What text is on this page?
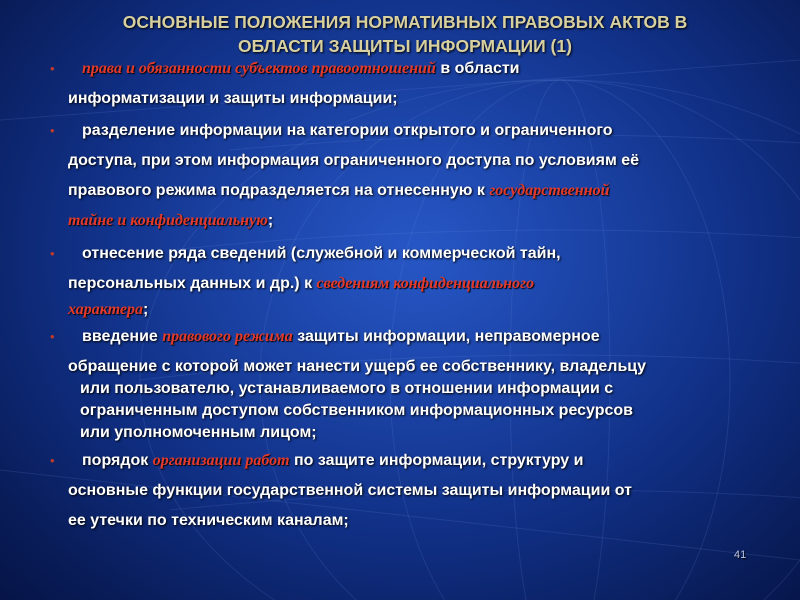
ОСНОВНЫЕ ПОЛОЖЕНИЯ НОРМАТИВНЫХ ПРАВОВЫХ АКТОВ В
ОБЛАСТИ ЗАЩИТЫ ИНФОРМАЦИИ (1)
•	права и обязанности субъектов правоотношений в области
информатизации и защиты информации;
•	разделение информации на категории открытого и ограниченного
доступа, при этом информация ограниченного доступа по условиям её
правового режима подразделяется на отнесенную к государственной
тайне и конфиденциальную;
•	отнесение ряда сведений (служебной и коммерческой тайн,
персональных данных и др.) к сведениям конфиденциального
характера;
•	введение правового режима защиты информации, неправомерное
обращение с которой может нанести ущерб ее собственнику, владельцу
или пользователю, устанавливаемого в отношении информации с
ограниченным доступом собственником информационных ресурсов
или уполномоченным лицом;
•	порядок организации работ по защите информации, структуру и
основные функции государственной системы защиты информации от
ее утечки по техническим каналам;
41
